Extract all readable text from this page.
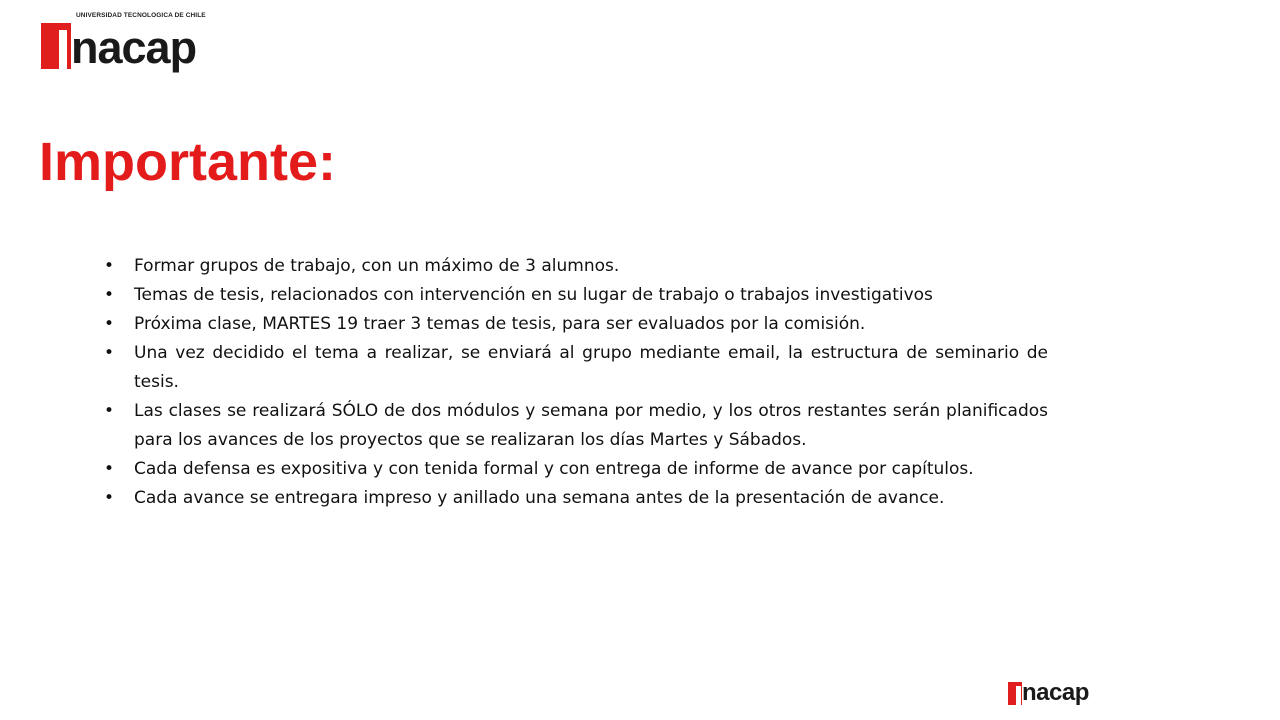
UNIVERSIDAD TECNOLOGICA DE CHILE
nacap
Importante:
• Formar grupos de trabajo, con un máximo de 3 alumnos.
• Temas de tesis, relacionados con intervención en su lugar de trabajo o trabajos investigativos
• Próxima clase, MARTES 19 traer 3 temas de tesis, para ser evaluados por la comisión.
• Una vez decidido el tema a realizar, se enviará al grupo mediante email, la estructura de seminario de tesis.
• Las clases se realizará SÓLO de dos módulos y semana por medio, y los otros restantes serán planificados para los avances de los proyectos que se realizaran los días Martes y Sábados.
• Cada defensa es expositiva y con tenida formal y con entrega de informe de avance por capítulos.
• Cada avance se entregara impreso y anillado una semana antes de la presentación de avance.
nacap
